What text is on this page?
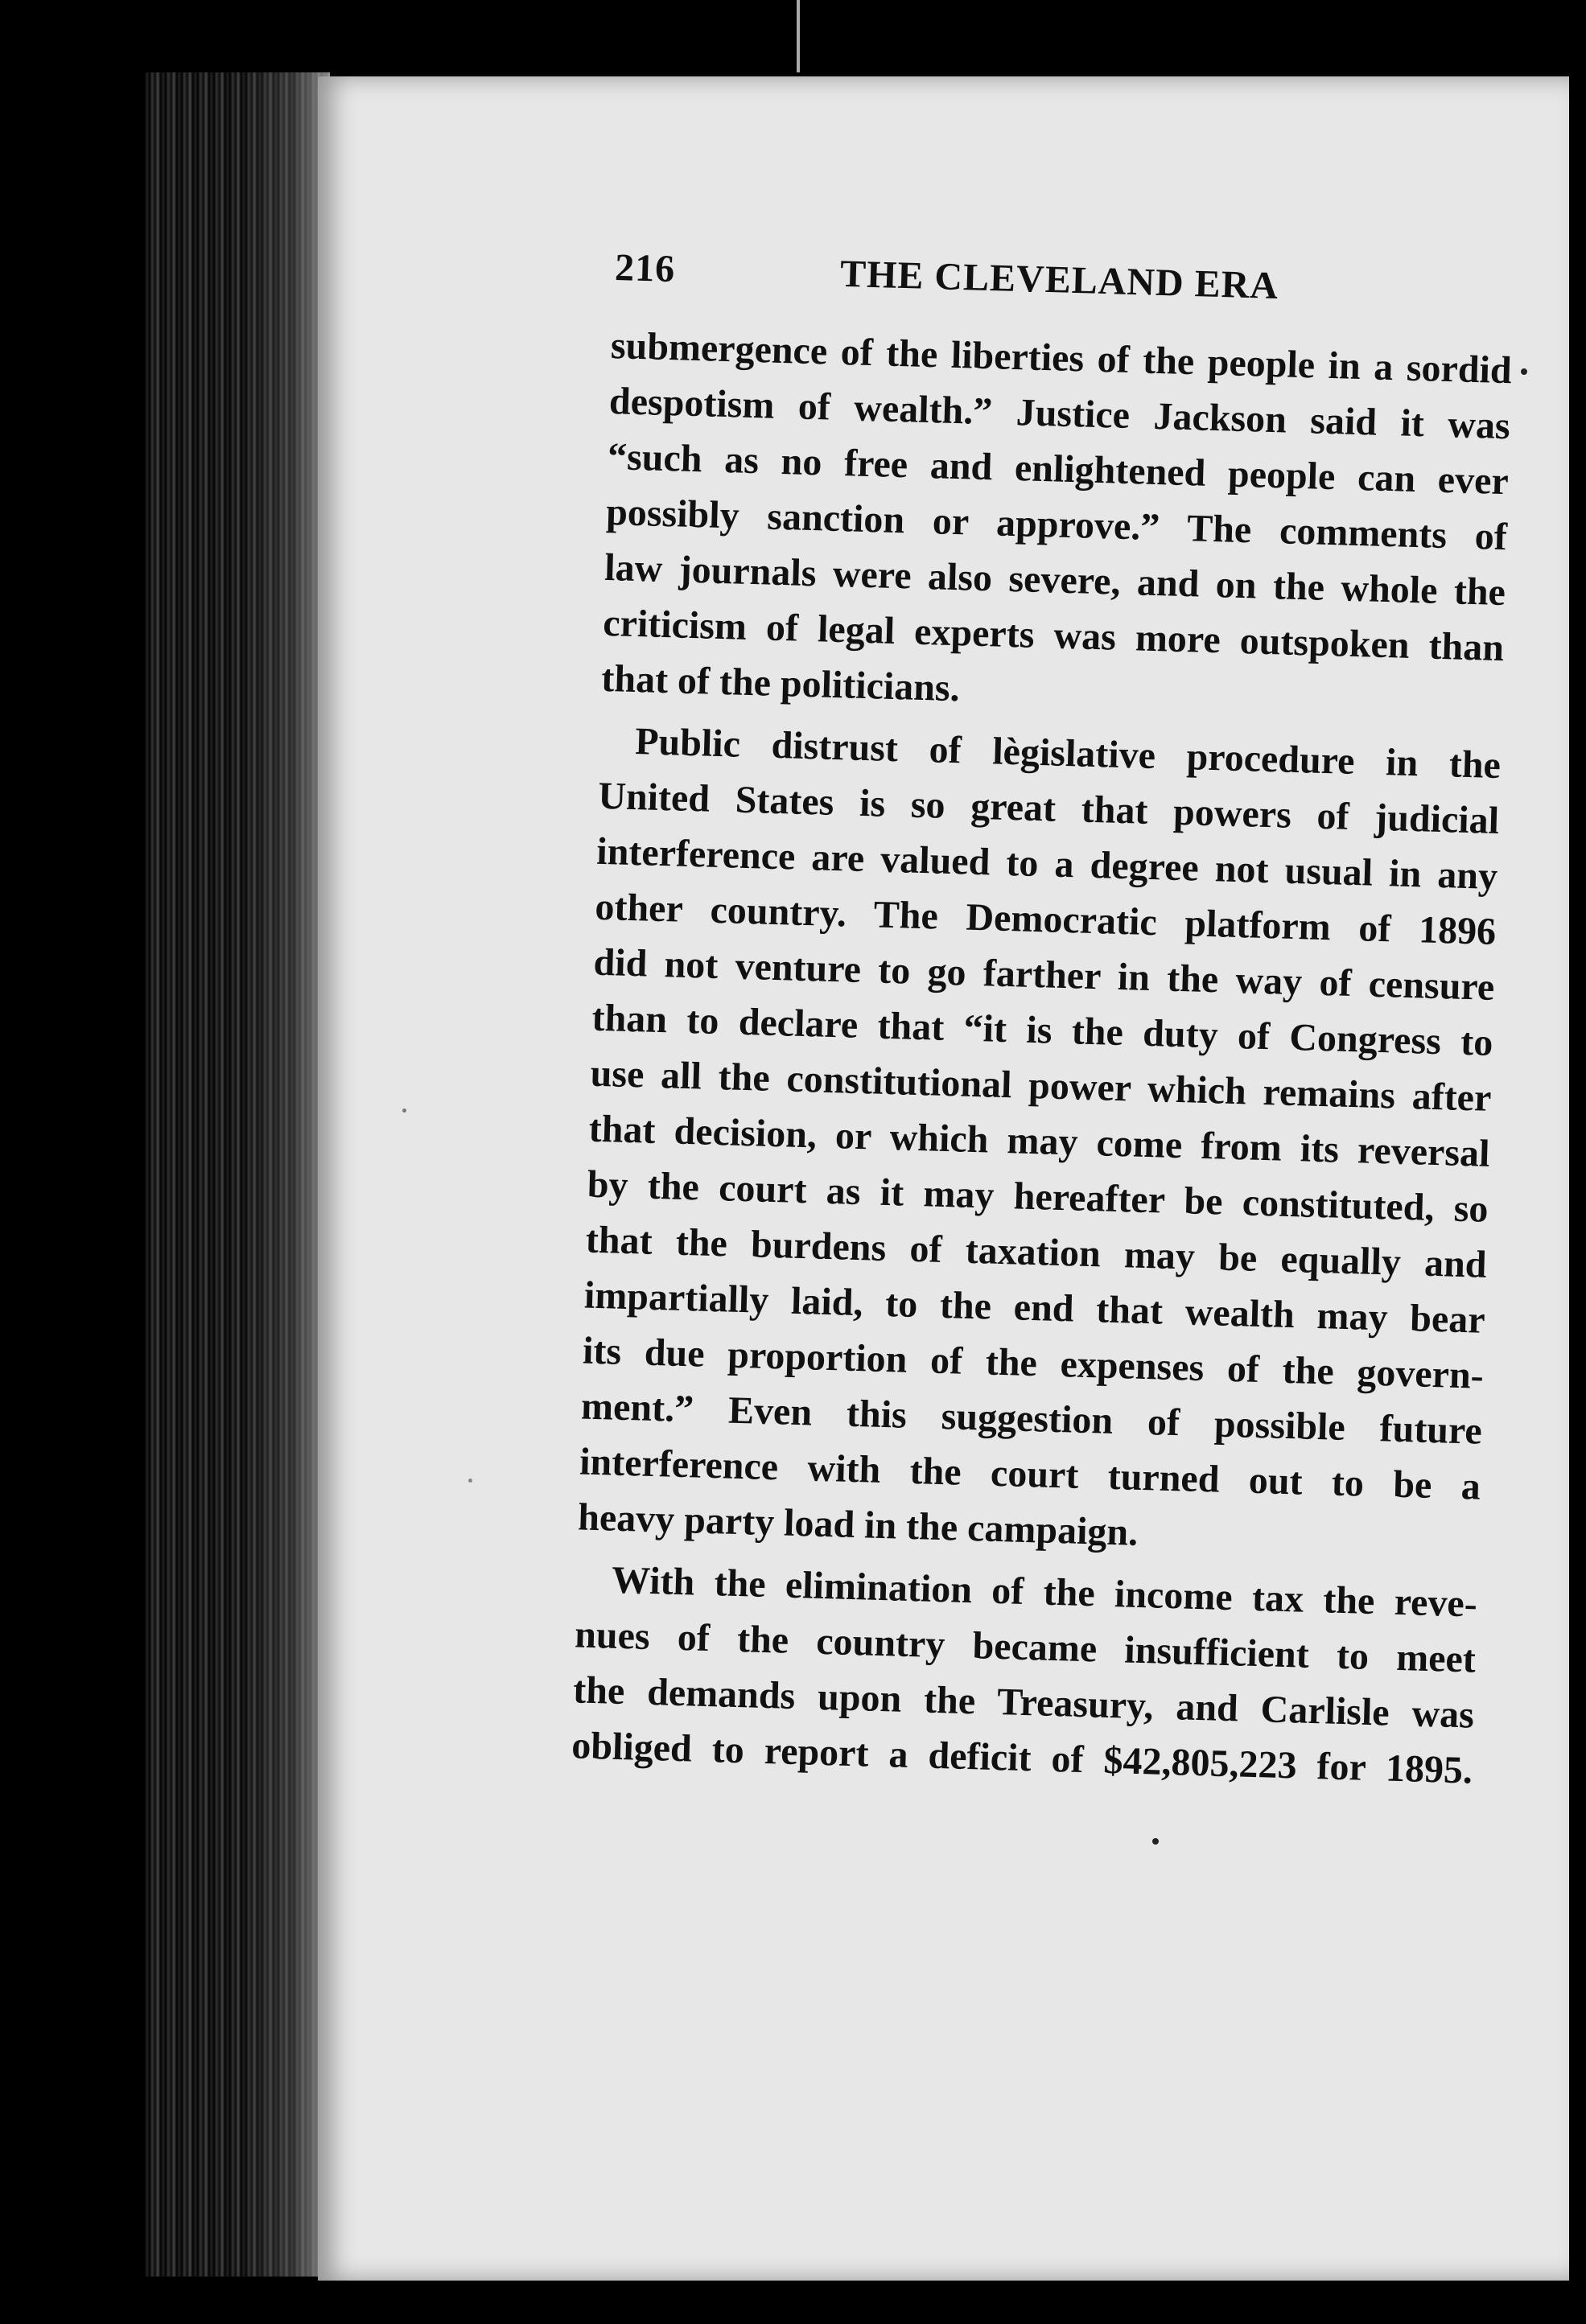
216	THE CLEVELAND ERA
submergence of the liberties of the people in a sordid
despotism of wealth.” Justice Jackson said it was
“such as no free and enlightened people can ever
possibly sanction or approve.” The comments of
law journals were also severe, and on the whole the
criticism of legal experts was more outspoken than
that of the politicians.
Public distrust of lègislative procedure in the
United States is so great that powers of judicial
interference are valued to a degree not usual in any
other country. The Democratic platform of 1896
did not venture to go farther in the way of censure
than to declare that “it is the duty of Congress to
use all the constitutional power which remains after
that decision, or which may come from its reversal
by the court as it may hereafter be constituted, so
that the burdens of taxation may be equally and
impartially laid, to the end that wealth may bear
its due proportion of the expenses of the govern-
ment.” Even this suggestion of possible future
interference with the court turned out to be a
heavy party load in the campaign.
With the elimination of the income tax the reve-
nues of the country became insufficient to meet
the demands upon the Treasury, and Carlisle was
obliged to report a deficit of $42,805,223 for 1895.
